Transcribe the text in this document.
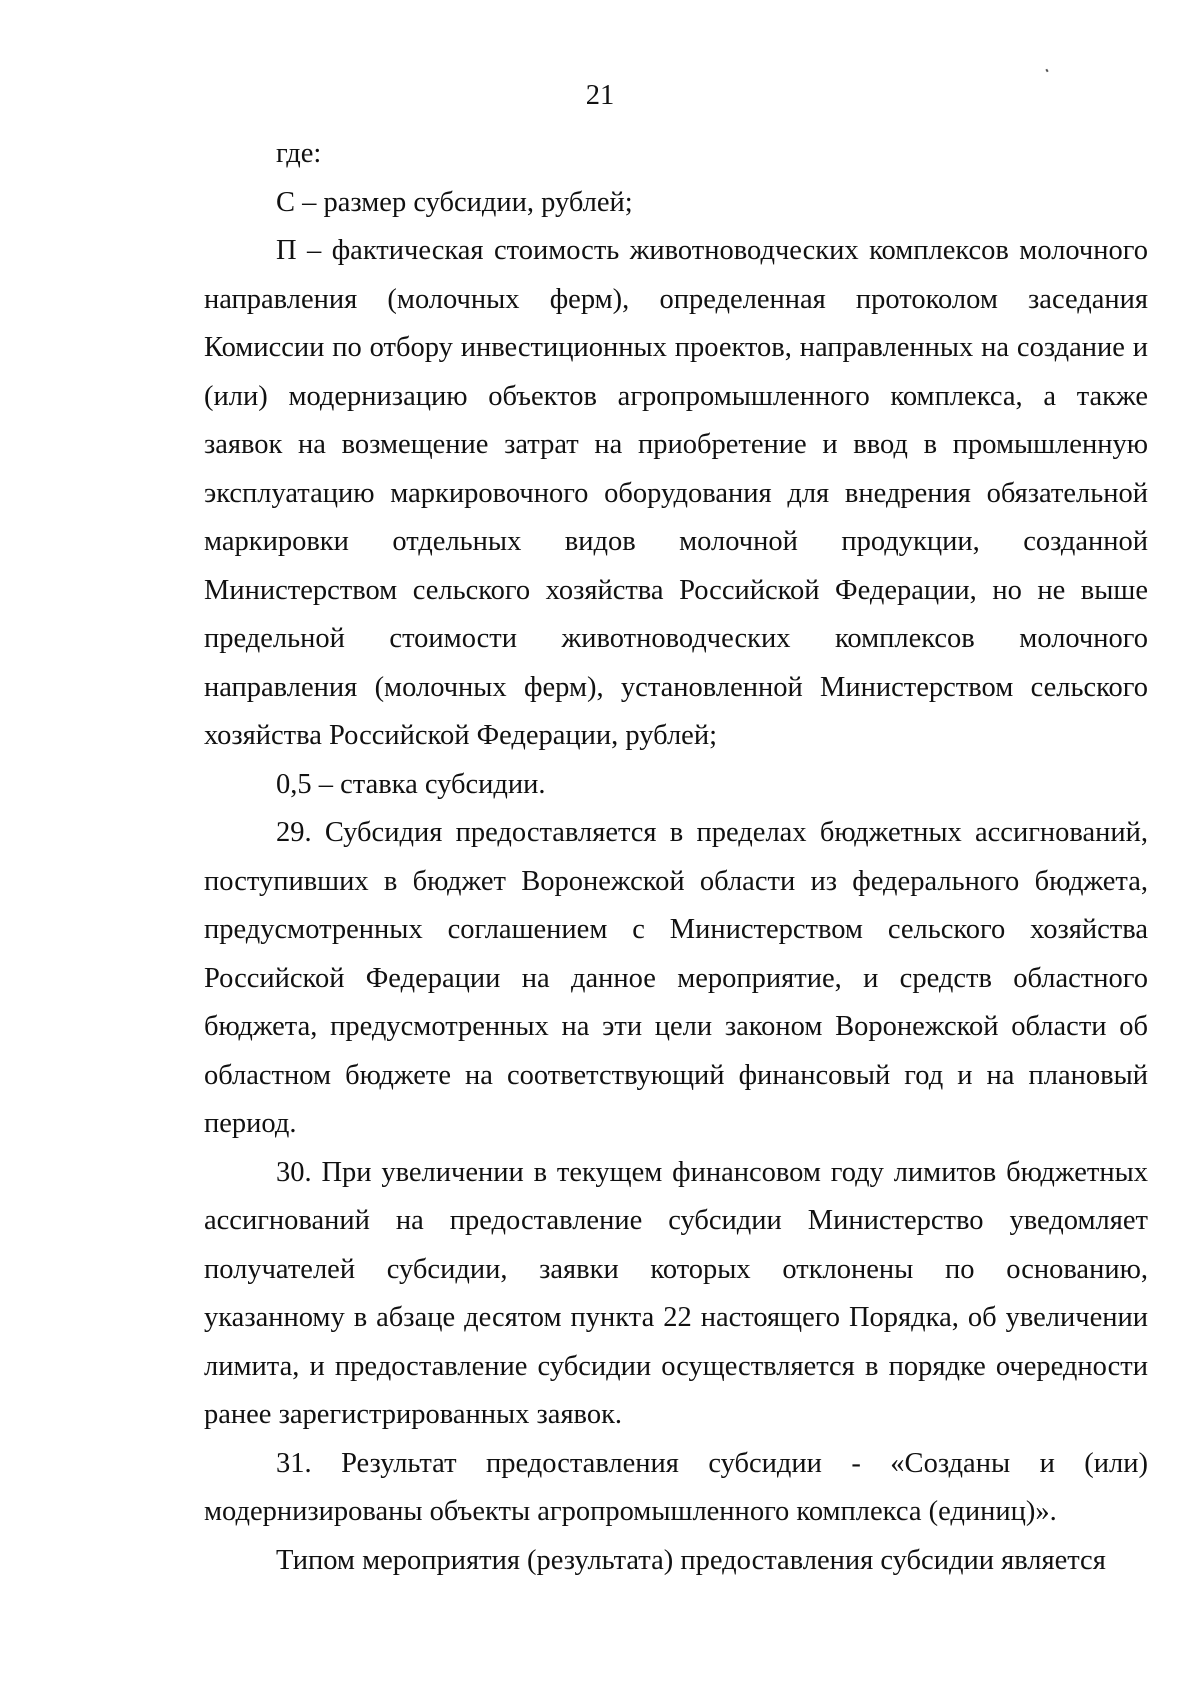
21

где:

С – размер субсидии, рублей;

П – фактическая стоимость животноводческих комплексов молочного направления (молочных ферм), определенная протоколом заседания Комиссии по отбору инвестиционных проектов, направленных на создание и (или) модернизацию объектов агропромышленного комплекса, а также заявок на возмещение затрат на приобретение и ввод в промышленную эксплуатацию маркировочного оборудования для внедрения обязательной маркировки отдельных видов молочной продукции, созданной Министерством сельского хозяйства Российской Федерации, но не выше предельной стоимости животноводческих комплексов молочного направления (молочных ферм), установленной Министерством сельского хозяйства Российской Федерации, рублей;

0,5 – ставка субсидии.

29. Субсидия предоставляется в пределах бюджетных ассигнований, поступивших в бюджет Воронежской области из федерального бюджета, предусмотренных соглашением с Министерством сельского хозяйства Российской Федерации на данное мероприятие, и средств областного бюджета, предусмотренных на эти цели законом Воронежской области об областном бюджете на соответствующий финансовый год и на плановый период.

30. При увеличении в текущем финансовом году лимитов бюджетных ассигнований на предоставление субсидии Министерство уведомляет получателей субсидии, заявки которых отклонены по основанию, указанному в абзаце десятом пункта 22 настоящего Порядка, об увеличении лимита, и предоставление субсидии осуществляется в порядке очередности ранее зарегистрированных заявок.

31. Результат предоставления субсидии - «Созданы и (или) модернизированы объекты агропромышленного комплекса (единиц)».

Типом мероприятия (результата) предоставления субсидии является
